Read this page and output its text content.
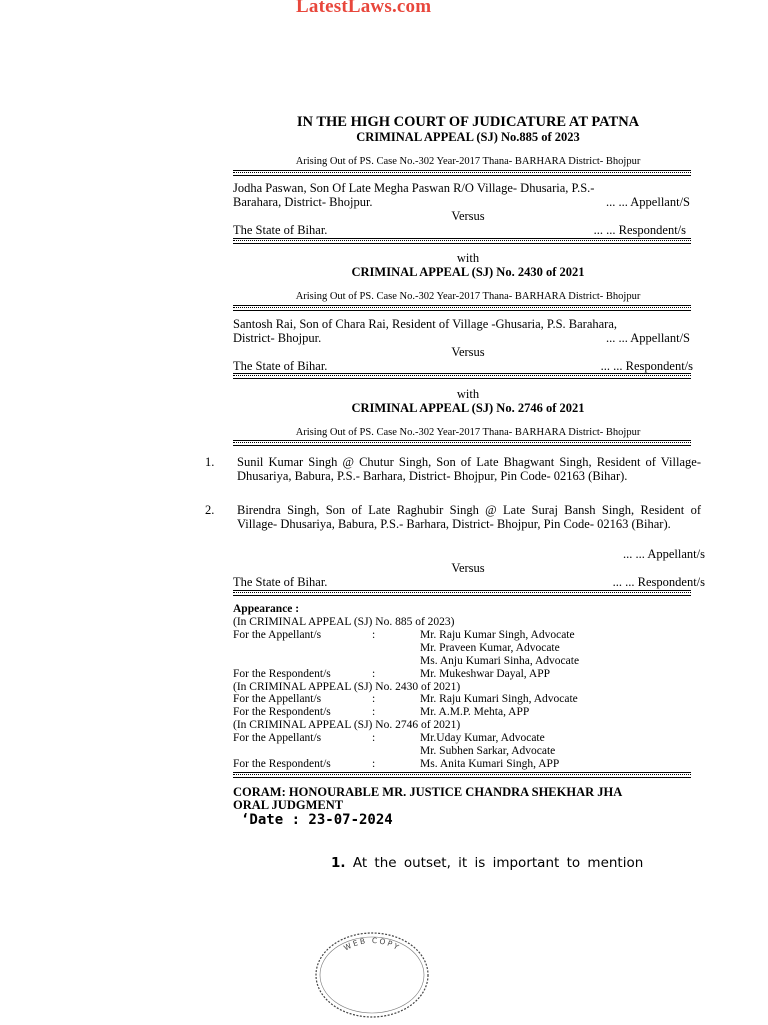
LatestLaws.com
IN THE HIGH COURT OF JUDICATURE AT PATNA
CRIMINAL APPEAL (SJ) No.885 of 2023
Arising Out of PS. Case No.-302 Year-2017 Thana- BARHARA District- Bhojpur
Jodha Paswan, Son Of Late Megha Paswan R/O Village- Dhusaria, P.S.-
Barahara, District- Bhojpur.	... ... Appellant/S
Versus
The State of Bihar.	... ... Respondent/s
with
CRIMINAL APPEAL (SJ) No. 2430 of 2021
Arising Out of PS. Case No.-302 Year-2017 Thana- BARHARA District- Bhojpur
Santosh Rai, Son of Chara Rai, Resident of Village -Ghusaria, P.S. Barahara,
District- Bhojpur.	... ... Appellant/S
Versus
The State of Bihar.	... ... Respondent/s
with
CRIMINAL APPEAL (SJ) No. 2746 of 2021
Arising Out of PS. Case No.-302 Year-2017 Thana- BARHARA District- Bhojpur
1. Sunil Kumar Singh @ Chutur Singh, Son of Late Bhagwant Singh, Resident of Village- Dhusariya, Babura, P.S.- Barhara, District- Bhojpur, Pin Code- 02163 (Bihar).
2. Birendra Singh, Son of Late Raghubir Singh @ Late Suraj Bansh Singh, Resident of Village- Dhusariya, Babura, P.S.- Barhara, District- Bhojpur, Pin Code- 02163 (Bihar).
... ... Appellant/s
Versus
The State of Bihar.	... ... Respondent/s
Appearance :
(In CRIMINAL APPEAL (SJ) No. 885 of 2023)
For the Appellant/s	:	Mr. Raju Kumar Singh, Advocate
Mr. Praveen Kumar, Advocate
Ms. Anju Kumari Sinha, Advocate
For the Respondent/s	:	Mr. Mukeshwar Dayal, APP
(In CRIMINAL APPEAL (SJ) No. 2430 of 2021)
For the Appellant/s	:	Mr. Raju Kumari Singh, Advocate
For the Respondent/s	:	Mr. A.M.P. Mehta, APP
(In CRIMINAL APPEAL (SJ) No. 2746 of 2021)
For the Appellant/s	:	Mr.Uday Kumar, Advocate
Mr. Subhen Sarkar, Advocate
For the Respondent/s	:	Ms. Anita Kumari Singh, APP
CORAM: HONOURABLE MR. JUSTICE CHANDRA SHEKHAR JHA
ORAL JUDGMENT
‘Date : 23-07-2024
1. At the outset, it is important to mention
WEB COPY
